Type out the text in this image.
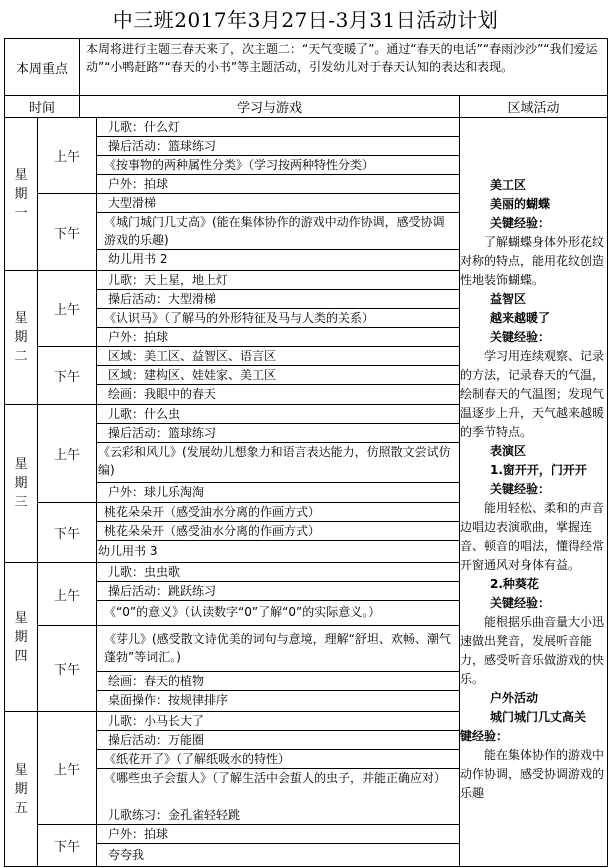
中三班2017年3月27日-3月31日活动计划
本周重点
本周将进行主题三春天来了，次主题二：“天气变暖了”。通过“春天的电话”“春雨沙沙”“我们爱运动”“小鸭赶路”“春天的小书”等主题活动，引发幼儿对于春天认知的表达和表现。
时间	学习与游戏	区域活动
星期一
星期二
星期三
星期四
星期五
上午
下午
上午
下午
上午
下午
上午
下午
上午
下午
儿歌：什么灯
操后活动：篮球练习
《按事物的两种属性分类》（学习按两种特性分类）
户外：拍球
大型滑梯
《城门城门几丈高》(能在集体协作的游戏中动作协调，感受协调游戏的乐趣)
幼儿用书 2
儿歌：天上星，地上灯
操后活动：大型滑梯
《认识马》（了解马的外形特征及马与人类的关系）
户外：拍球
区域：美工区、益智区、语言区
区域：建构区、娃娃家、美工区
绘画：我眼中的春天
儿歌：什么虫
操后活动：篮球练习
《云彩和风儿》(发展幼儿想象力和语言表达能力，仿照散文尝试仿编)
户外：球儿乐淘淘
桃花朵朵开（感受油水分离的作画方式）
桃花朵朵开（感受油水分离的作画方式）
幼儿用书 3
儿歌：虫虫歌
操后活动：跳跃练习
《“0”的意义》（认读数字“0”了解“0”的实际意义。）
《芽儿》(感受散文诗优美的词句与意境，理解“舒坦、欢畅、潮气蓬勃”等词汇。)
绘画：春天的植物
桌面操作：按规律排序
儿歌：小马长大了
操后活动：万能圈
《纸花开了》（了解纸吸水的特性）
《哪些虫子会蜇人》（了解生活中会蜇人的虫子，并能正确应对）
儿歌练习：金孔雀轻轻跳
户外：拍球
夸夸我
美工区
美丽的蝴蝶
关键经验：
了解蝴蝶身体外形花纹对称的特点，能用花纹创造性地装饰蝴蝶。
益智区
越来越暖了
关键经验：
学习用连续观察、记录的方法，记录春天的气温，绘制春天的气温图；发现气温逐步上升，天气越来越暖的季节特点。
表演区
1.窗开开，门开开
关键经验：
能用轻松、柔和的声音边唱边表演歌曲，掌握连音、顿音的唱法，懂得经常开窗通风对身体有益。
2.种葵花
关键经验：
能根据乐曲音量大小迅速做出凳音，发展听音能力，感受听音乐做游戏的快乐。
户外活动
城门城门几丈高关
键经验：
能在集体协作的游戏中动作协调，感受协调游戏的乐趣
